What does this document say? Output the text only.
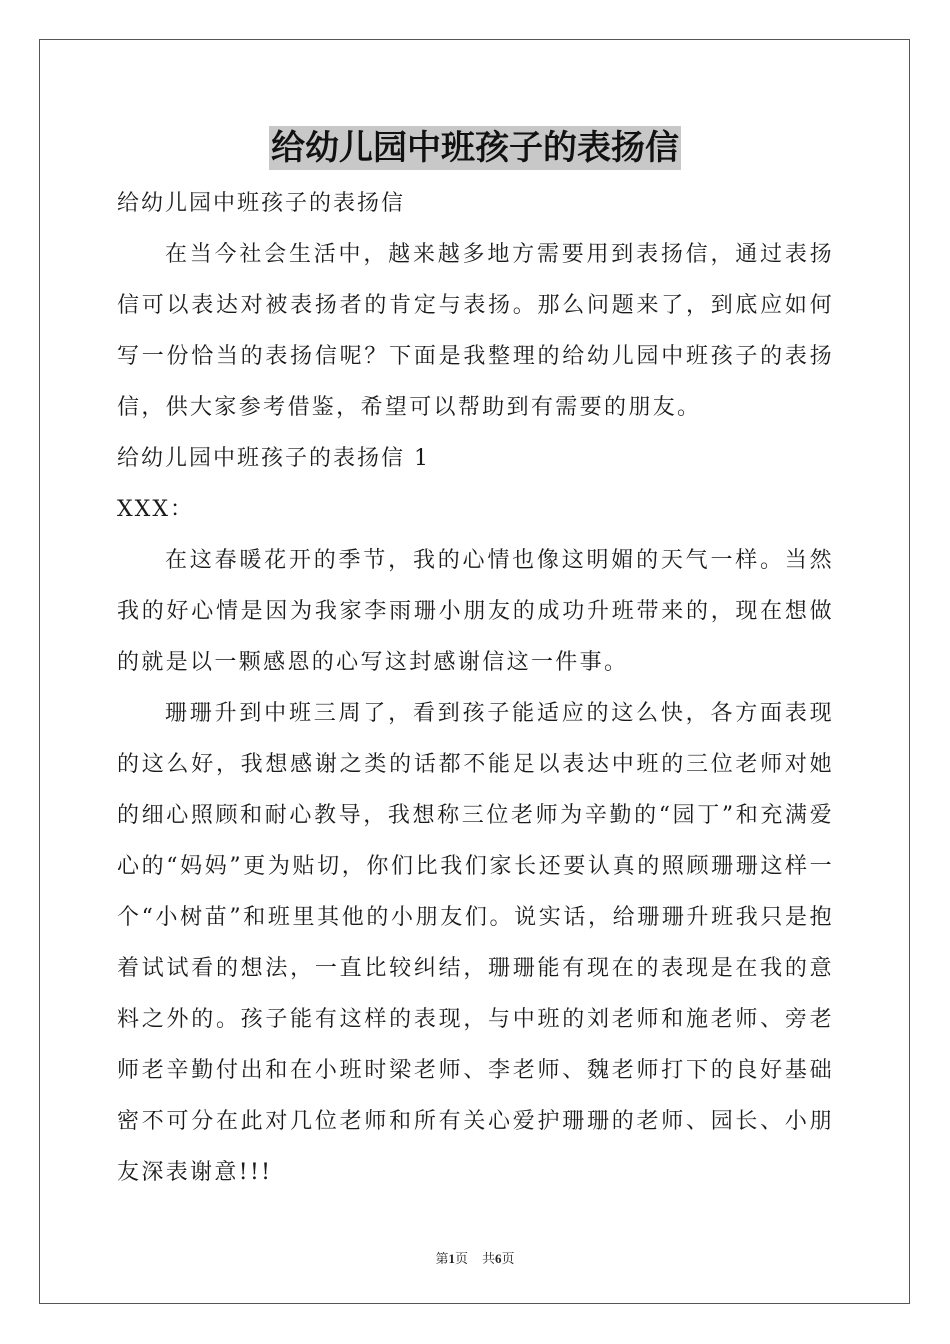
给幼儿园中班孩子的表扬信

给幼儿园中班孩子的表扬信

在当今社会生活中，越来越多地方需要用到表扬信，通过表扬信可以表达对被表扬者的肯定与表扬。那么问题来了，到底应如何写一份恰当的表扬信呢？下面是我整理的给幼儿园中班孩子的表扬信，供大家参考借鉴，希望可以帮助到有需要的朋友。

给幼儿园中班孩子的表扬信 1

XXX：

在这春暖花开的季节，我的心情也像这明媚的天气一样。当然我的好心情是因为我家李雨珊小朋友的成功升班带来的，现在想做的就是以一颗感恩的心写这封感谢信这一件事。

珊珊升到中班三周了，看到孩子能适应的这么快，各方面表现的这么好，我想感谢之类的话都不能足以表达中班的三位老师对她的细心照顾和耐心教导，我想称三位老师为辛勤的“园丁”和充满爱心的“妈妈”更为贴切，你们比我们家长还要认真的照顾珊珊这样一个“小树苗”和班里其他的小朋友们。说实话，给珊珊升班我只是抱着试试看的想法，一直比较纠结，珊珊能有现在的表现是在我的意料之外的。孩子能有这样的表现，与中班的刘老师和施老师、旁老师老辛勤付出和在小班时梁老师、李老师、魏老师打下的良好基础密不可分在此对几位老师和所有关心爱护珊珊的老师、园长、小朋友深表谢意!!!

第1页 共6页
